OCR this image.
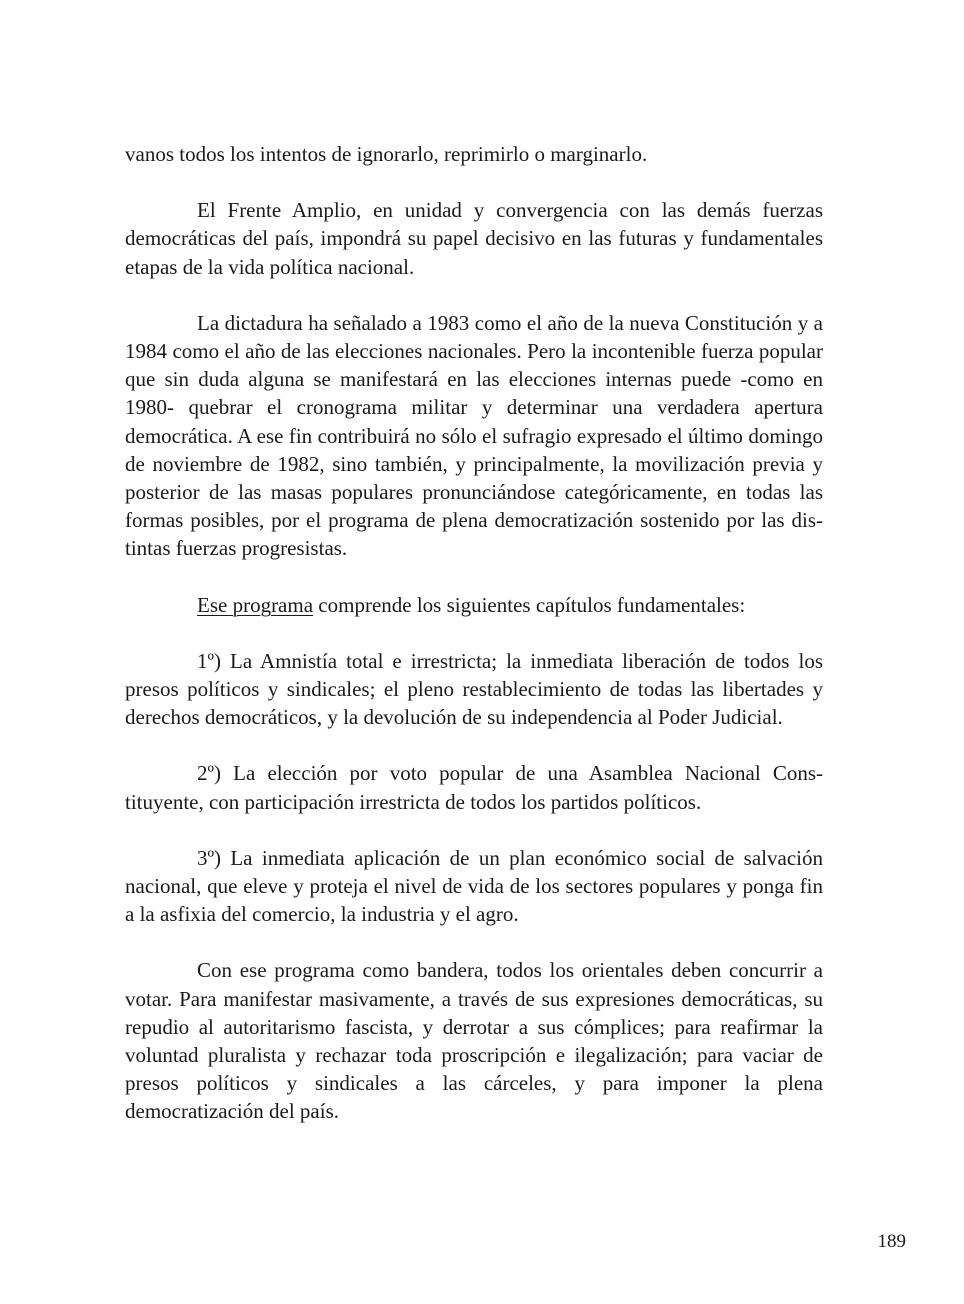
vanos todos los intentos de ignorarlo, reprimirlo o marginarlo.

El Frente Amplio, en unidad y convergencia con las demás fuerzas democráticas del país, impondrá su papel decisivo en las futuras y fundamentales etapas de la vida política nacional.

La dictadura ha señalado a 1983 como el año de la nueva Constitución y a 1984 como el año de las elecciones nacionales. Pero la incontenible fuerza popular que sin duda alguna se manifestará en las elecciones internas puede -como en 1980- quebrar el cronograma militar y determinar una verdadera apertura democrática. A ese fin contribuirá no sólo el sufragio expresado el último domingo de noviembre de 1982, sino también, y principalmente, la movilización previa y posterior de las masas populares pronunciándose categóricamente, en todas las formas posibles, por el programa de plena democratización sostenido por las distintas fuerzas progresistas.

Ese programa comprende los siguientes capítulos fundamentales:

1º) La Amnistía total e irrestricta; la inmediata liberación de todos los presos políticos y sindicales; el pleno restablecimiento de todas las libertades y derechos democráticos, y la devolución de su independencia al Poder Judicial.

2º) La elección por voto popular de una Asamblea Nacional Constituyente, con participación irrestricta de todos los partidos políticos.

3º) La inmediata aplicación de un plan económico social de salvación nacional, que eleve y proteja el nivel de vida de los sectores populares y ponga fin a la asfixia del comercio, la industria y el agro.

Con ese programa como bandera, todos los orientales deben concurrir a votar. Para manifestar masivamente, a través de sus expresiones democráticas, su repudio al autoritarismo fascista, y derrotar a sus cómplices; para reafirmar la voluntad pluralista y rechazar toda proscripción e ilegalización; para vaciar de presos políticos y sindicales a las cárceles, y para imponer la plena democratización del país.

189
